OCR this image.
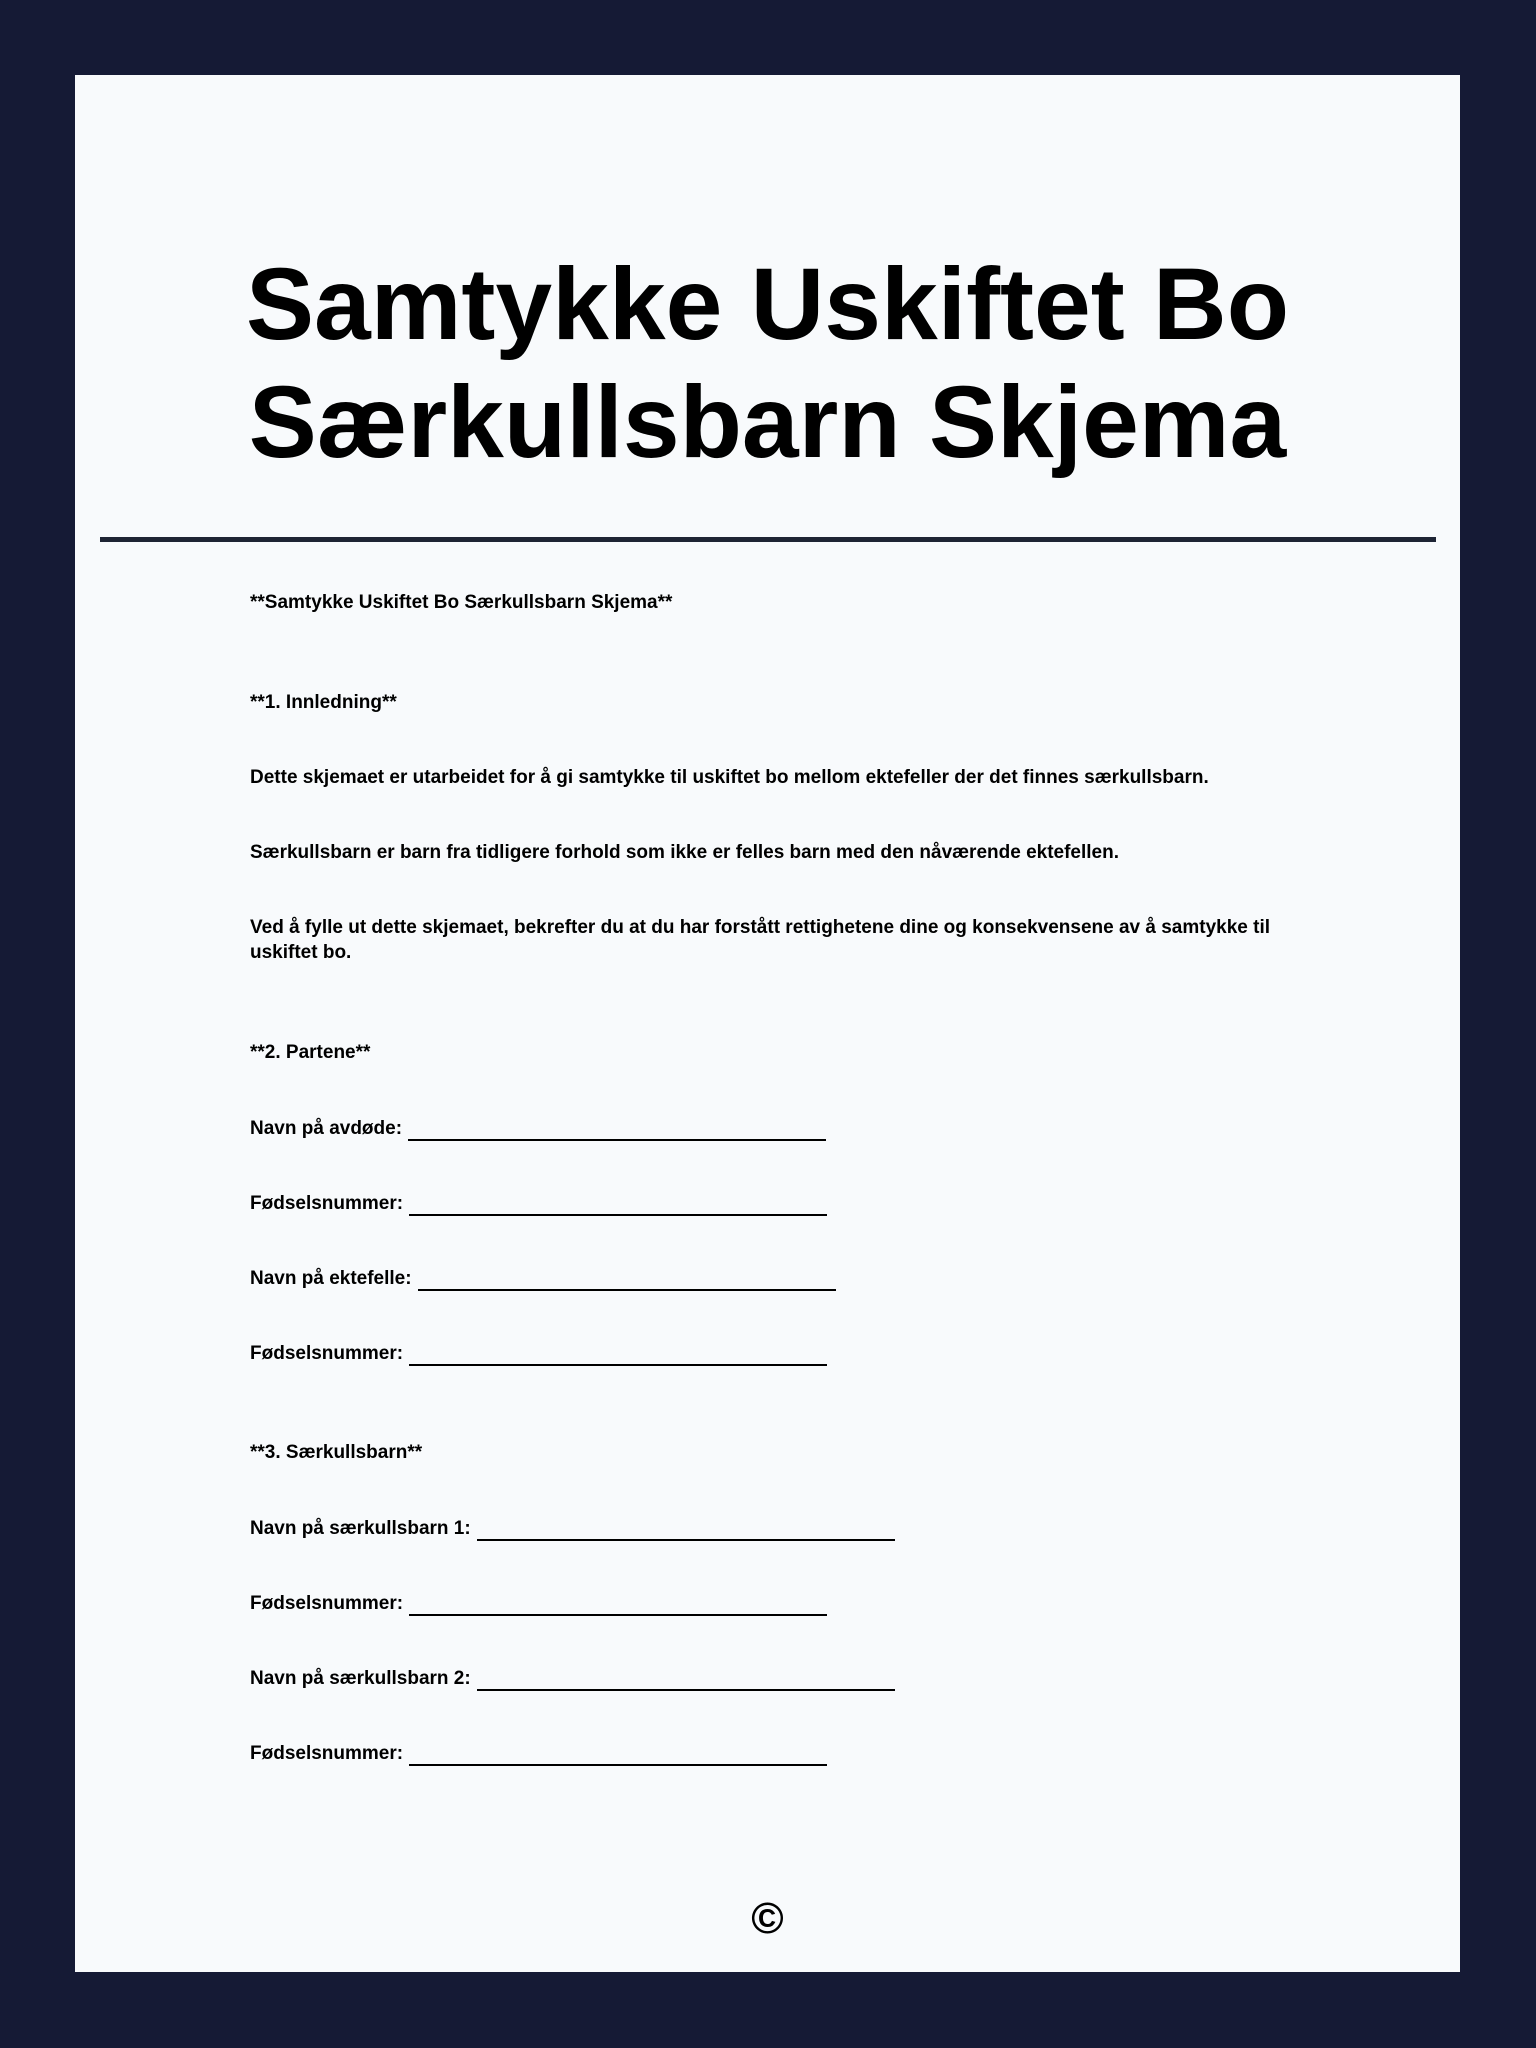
Samtykke Uskiftet Bo Særkullsbarn Skjema

**Samtykke Uskiftet Bo Særkullsbarn Skjema**

**1. Innledning**

Dette skjemaet er utarbeidet for å gi samtykke til uskiftet bo mellom ektefeller der det finnes særkullsbarn.

Særkullsbarn er barn fra tidligere forhold som ikke er felles barn med den nåværende ektefellen.

Ved å fylle ut dette skjemaet, bekrefter du at du har forstått rettighetene dine og konsekvensene av å samtykke til uskiftet bo.

**2. Partene**

Navn på avdøde:
Fødselsnummer:
Navn på ektefelle:
Fødselsnummer:

**3. Særkullsbarn**

Navn på særkullsbarn 1:
Fødselsnummer:
Navn på særkullsbarn 2:
Fødselsnummer:
©
